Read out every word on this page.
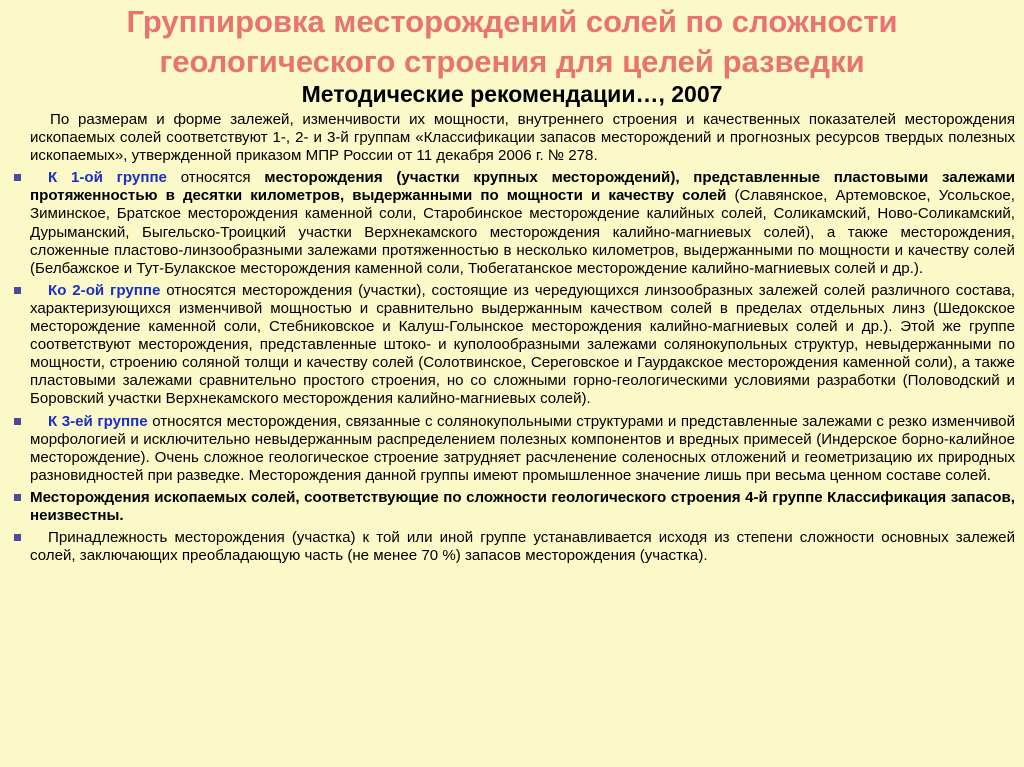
Группировка месторождений солей по сложности
геологического строения для целей разведки
Методические рекомендации…, 2007

По размерам и форме залежей, изменчивости их мощности, внутреннего строения и качественных показателей месторождения ископаемых солей соответствуют 1-, 2- и 3-й группам «Классификации запасов месторождений и прогнозных ресурсов твердых полезных ископаемых», утвержденной приказом МПР России от 11 декабря 2006 г. № 278.

К 1-ой группе относятся месторождения (участки крупных месторождений), представленные пластовыми залежами протяженностью в десятки километров, выдержанными по мощности и качеству солей (Славянское, Артемовское, Усольское, Зиминское, Братское месторождения каменной соли, Старобинское месторождение калийных солей, Соликамский, Ново-Соликамский, Дурыманский, Быгельско-Троицкий участки Верхнекамского месторождения калийно-магниевых солей), а также месторождения, сложенные пластово-линзообразными залежами протяженностью в несколько километров, выдержанными по мощности и качеству солей (Белбажское и Тут-Булакское месторождения каменной соли, Тюбегатанское месторождение калийно-магниевых солей и др.).

Ко 2-ой группе относятся месторождения (участки), состоящие из чередующихся линзообразных залежей солей различного состава, характеризующихся изменчивой мощностью и сравнительно выдержанным качеством солей в пределах отдельных линз (Шедокское месторождение каменной соли, Стебниковское и Калуш-Голынское месторождения калийно-магниевых солей и др.). Этой же группе соответствуют месторождения, представленные штоко- и куполообразными залежами солянокупольных структур, невыдержанными по мощности, строению соляной толщи и качеству солей (Солотвинское, Сереговское и Гаурдакское месторождения каменной соли), а также пластовыми залежами сравнительно простого строения, но со сложными горно-геологическими условиями разработки (Половодский и Боровский участки Верхнекамского месторождения калийно-магниевых солей).

К 3-ей группе относятся месторождения, связанные с солянокупольными структурами и представленные залежами с резко изменчивой морфологией и исключительно невыдержанным распределением полезных компонентов и вредных примесей (Индерское борно-калийное месторождение). Очень сложное геологическое строение затрудняет расчленение соленосных отложений и геометризацию их природных разновидностей при разведке. Месторождения данной группы имеют промышленное значение лишь при весьма ценном составе солей.

Месторождения ископаемых солей, соответствующие по сложности геологического строения 4-й группе Классификация запасов, неизвестны.

Принадлежность месторождения (участка) к той или иной группе устанавливается исходя из степени сложности основных залежей солей, заключающих преобладающую часть (не менее 70 %) запасов месторождения (участка).
